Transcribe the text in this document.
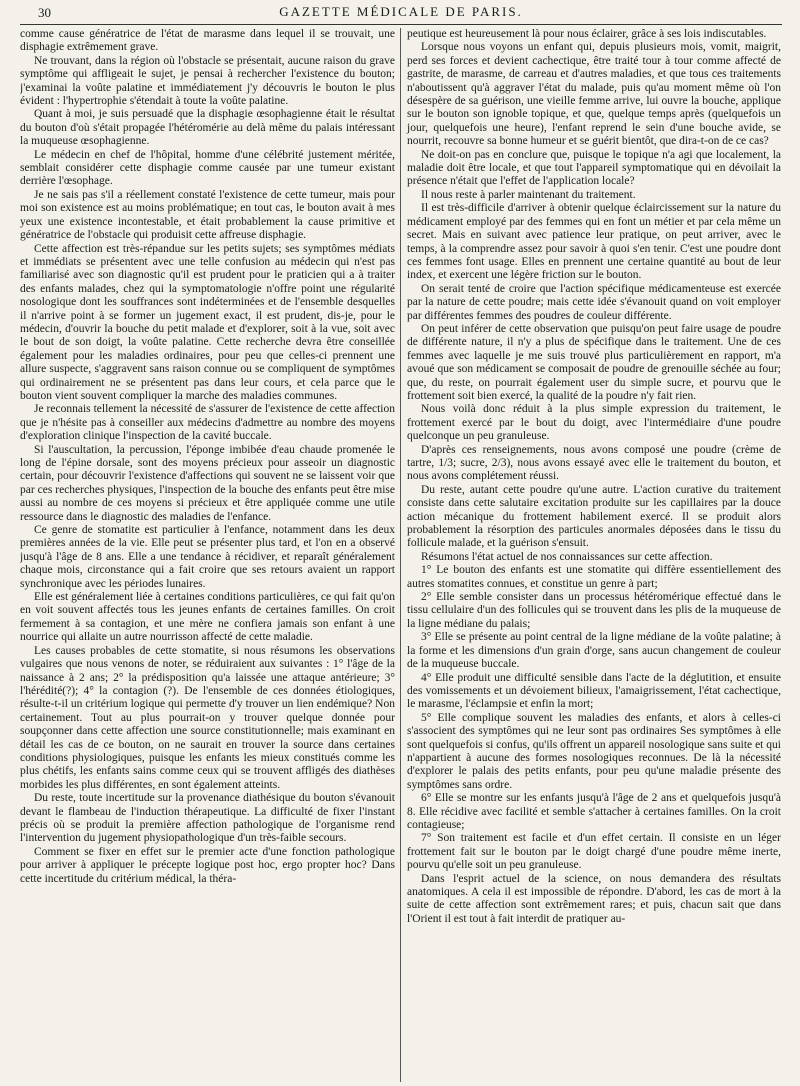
30	GAZETTE MÉDICALE DE PARIS.

comme cause génératrice de l'état de marasme dans lequel il se trouvait, une disphagie extrêmement grave.

Ne trouvant, dans la région où l'obstacle se présentait, aucune raison du grave symptôme qui affligeait le sujet, je pensai à rechercher l'existence du bouton; j'examinai la voûte palatine et immédiatement j'y découvris le bouton le plus évident : l'hypertrophie s'étendait à toute la voûte palatine.

Quant à moi, je suis persuadé que la disphagie œsophagienne était le résultat du bouton d'où s'était propagée l'hétéromérie au delà même du palais intéressant la muqueuse œsophagienne.

Le médecin en chef de l'hôpital, homme d'une célébrité justement méritée, semblait considérer cette disphagie comme causée par une tumeur existant derrière l'œsophage.

Je ne sais pas s'il a réellement constaté l'existence de cette tumeur, mais pour moi son existence est au moins problématique; en tout cas, le bouton avait à mes yeux une existence incontestable, et était probablement la cause primitive et génératrice de l'obstacle qui produisit cette affreuse disphagie.

Cette affection est très-répandue sur les petits sujets; ses symptômes médiats et immédiats se présentent avec une telle confusion au médecin qui n'est pas familiarisé avec son diagnostic qu'il est prudent pour le praticien qui a à traiter des enfants malades, chez qui la symptomatologie n'offre point une régularité nosologique dont les souffrances sont indéterminées et de l'ensemble desquelles il n'arrive point à se former un jugement exact, il est prudent, dis-je, pour le médecin, d'ouvrir la bouche du petit malade et d'explorer, soit à la vue, soit avec le bout de son doigt, la voûte palatine. Cette recherche devra être conseillée également pour les maladies ordinaires, pour peu que celles-ci prennent une allure suspecte, s'aggravent sans raison connue ou se compliquent de symptômes qui ordinairement ne se présentent pas dans leur cours, et cela parce que le bouton vient souvent compliquer la marche des maladies communes.

Je reconnais tellement la nécessité de s'assurer de l'existence de cette affection que je n'hésite pas à conseiller aux médecins d'admettre au nombre des moyens d'exploration clinique l'inspection de la cavité buccale.

Si l'auscultation, la percussion, l'éponge imbibée d'eau chaude promenée le long de l'épine dorsale, sont des moyens précieux pour asseoir un diagnostic certain, pour découvrir l'existence d'affections qui souvent ne se laissent voir que par ces recherches physiques, l'inspection de la bouche des enfants peut être mise aussi au nombre de ces moyens si précieux et être appliquée comme une utile ressource dans le diagnostic des maladies de l'enfance.

Ce genre de stomatite est particulier à l'enfance, notamment dans les deux premières années de la vie. Elle peut se présenter plus tard, et l'on en a observé jusqu'à l'âge de 8 ans. Elle a une tendance à récidiver, et reparaît généralement chaque mois, circonstance qui a fait croire que ses retours avaient un rapport synchronique avec les périodes lunaires.

Elle est généralement liée à certaines conditions particulières, ce qui fait qu'on en voit souvent affectés tous les jeunes enfants de certaines familles. On croit fermement à sa contagion, et une mère ne confiera jamais son enfant à une nourrice qui allaite un autre nourrisson affecté de cette maladie.

Les causes probables de cette stomatite, si nous résumons les observations vulgaires que nous venons de noter, se réduiraient aux suivantes : 1° l'âge de la naissance à 2 ans; 2° la prédisposition qu'a laissée une attaque antérieure; 3° l'hérédité(?); 4° la contagion (?). De l'ensemble de ces données étiologiques, résulte-t-il un critérium logique qui permette d'y trouver un lien endémique? Non certainement. Tout au plus pourrait-on y trouver quelque donnée pour soupçonner dans cette affection une source constitutionnelle; mais examinant en détail les cas de ce bouton, on ne saurait en trouver la source dans certaines conditions physiologiques, puisque les enfants les mieux constitués comme les plus chétifs, les enfants sains comme ceux qui se trouvent affligés des diathèses morbides les plus différentes, en sont également atteints.

Du reste, toute incertitude sur la provenance diathésique du bouton s'évanouit devant le flambeau de l'induction thérapeutique. La difficulté de fixer l'instant précis où se produit la première affection pathologique de l'organisme rend l'intervention du jugement physiopathologique d'un très-faible secours.

Comment se fixer en effet sur le premier acte d'une fonction pathologique pour arriver à appliquer le précepte logique post hoc, ergo propter hoc? Dans cette incertitude du critérium médical, la théra-

peutique est heureusement là pour nous éclairer, grâce à ses lois indiscutables.

Lorsque nous voyons un enfant qui, depuis plusieurs mois, vomit, maigrit, perd ses forces et devient cachectique, être traité tour à tour comme affecté de gastrite, de marasme, de carreau et d'autres maladies, et que tous ces traitements n'aboutissent qu'à aggraver l'état du malade, puis qu'au moment même où l'on désespère de sa guérison, une vieille femme arrive, lui ouvre la bouche, applique sur le bouton son ignoble topique, et que, quelque temps après (quelquefois un jour, quelquefois une heure), l'enfant reprend le sein d'une bouche avide, se nourrit, recouvre sa bonne humeur et se guérit bientôt, que dira-t-on de ce cas?

Ne doit-on pas en conclure que, puisque le topique n'a agi que localement, la maladie doit être locale, et que tout l'appareil symptomatique qui en dévoilait la présence n'était que l'effet de l'application locale?

Il nous reste à parler maintenant du traitement.

Il est très-difficile d'arriver à obtenir quelque éclaircissement sur la nature du médicament employé par des femmes qui en font un métier et par cela même un secret. Mais en suivant avec patience leur pratique, on peut arriver, avec le temps, à la comprendre assez pour savoir à quoi s'en tenir. C'est une poudre dont ces femmes font usage. Elles en prennent une certaine quantité au bout de leur index, et exercent une légère friction sur le bouton.

On serait tenté de croire que l'action spécifique médicamenteuse est exercée par la nature de cette poudre; mais cette idée s'évanouit quand on voit employer par différentes femmes des poudres de couleur différente.

On peut inférer de cette observation que puisqu'on peut faire usage de poudre de différente nature, il n'y a plus de spécifique dans le traitement. Une de ces femmes avec laquelle je me suis trouvé plus particulièrement en rapport, m'a avoué que son médicament se composait de poudre de grenouille séchée au four; que, du reste, on pourrait également user du simple sucre, et pourvu que le frottement soit bien exercé, la qualité de la poudre n'y fait rien.

Nous voilà donc réduit à la plus simple expression du traitement, le frottement exercé par le bout du doigt, avec l'intermédiaire d'une poudre quelconque un peu granuleuse.

D'après ces renseignements, nous avons composé une poudre (crème de tartre, 1/3; sucre, 2/3), nous avons essayé avec elle le traitement du bouton, et nous avons complétement réussi.

Du reste, autant cette poudre qu'une autre. L'action curative du traitement consiste dans cette salutaire excitation produite sur les capillaires par la douce action mécanique du frottement habilement exercé. Il se produit alors probablement la résorption des particules anormales déposées dans le tissu du follicule malade, et la guérison s'ensuit.

Résumons l'état actuel de nos connaissances sur cette affection.

1° Le bouton des enfants est une stomatite qui diffère essentiellement des autres stomatites connues, et constitue un genre à part;

2° Elle semble consister dans un processus hétéromérique effectué dans le tissu cellulaire d'un des follicules qui se trouvent dans les plis de la muqueuse de la ligne médiane du palais;

3° Elle se présente au point central de la ligne médiane de la voûte palatine; à la forme et les dimensions d'un grain d'orge, sans aucun changement de couleur de la muqueuse buccale.

4° Elle produit une difficulté sensible dans l'acte de la déglutition, et ensuite des vomissements et un dévoiement bilieux, l'amaigrissement, l'état cachectique, le marasme, l'éclampsie et enfin la mort;

5° Elle complique souvent les maladies des enfants, et alors à celles-ci s'associent des symptômes qui ne leur sont pas ordinaires Ses symptômes à elle sont quelquefois si confus, qu'ils offrent un appareil nosologique sans suite et qui n'appartient à aucune des formes nosologiques reconnues. De là la nécessité d'explorer le palais des petits enfants, pour peu qu'une maladie présente des symptômes sans ordre.

6° Elle se montre sur les enfants jusqu'à l'âge de 2 ans et quelquefois jusqu'à 8. Elle récidive avec facilité et semble s'attacher à certaines familles. On la croit contagieuse;

7° Son traitement est facile et d'un effet certain. Il consiste en un léger frottement fait sur le bouton par le doigt chargé d'une poudre même inerte, pourvu qu'elle soit un peu granuleuse.

Dans l'esprit actuel de la science, on nous demandera des résultats anatomiques. A cela il est impossible de répondre. D'abord, les cas de mort à la suite de cette affection sont extrêmement rares; et puis, chacun sait que dans l'Orient il est tout à fait interdit de pratiquer au-
